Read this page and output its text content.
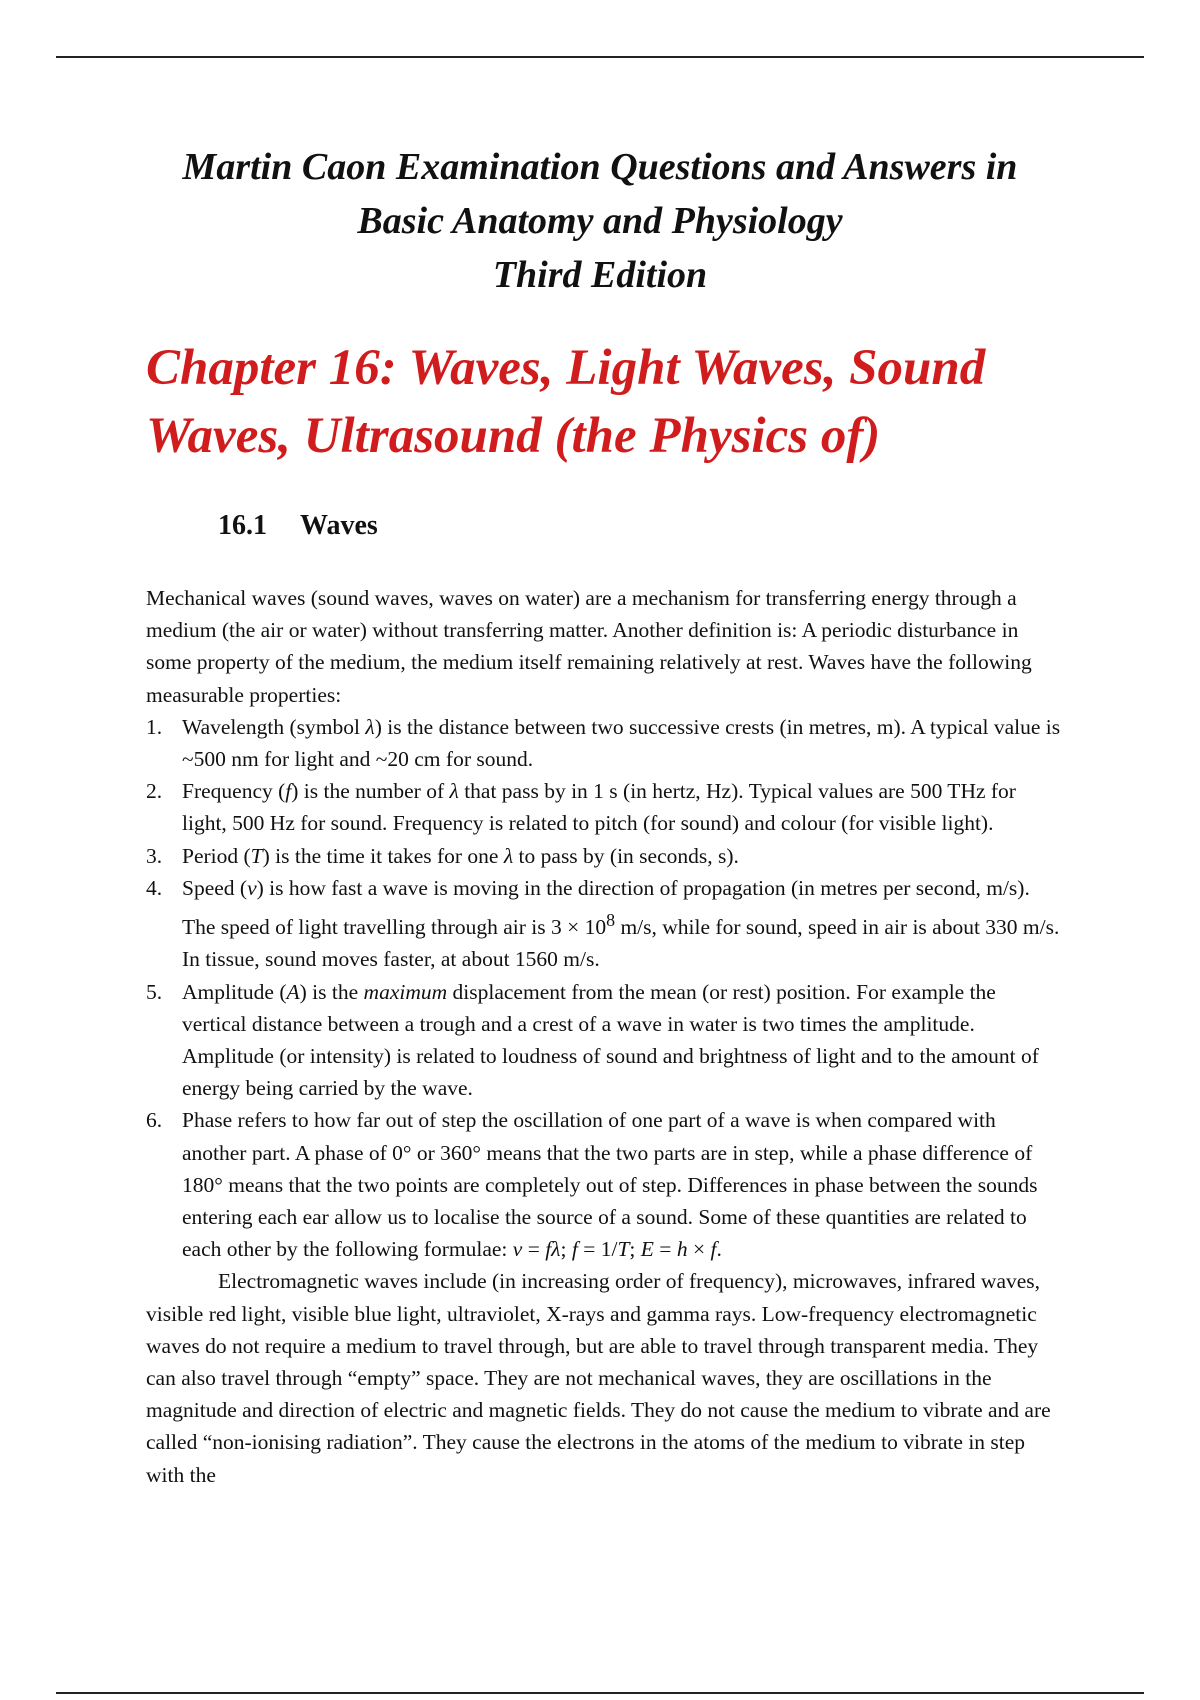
Martin Caon Examination Questions and Answers in
Basic Anatomy and Physiology
Third Edition
Chapter 16: Waves, Light Waves, Sound
Waves, Ultrasound (the Physics of)
16.1 Waves

Mechanical waves (sound waves, waves on water) are a mechanism for transferring energy through a medium (the air or water) without transferring matter. Another definition is: A periodic disturbance in some property of the medium, the medium itself remaining relatively at rest. Waves have the following measurable properties:

1. Wavelength (symbol λ) is the distance between two successive crests (in metres, m). A typical value is ~500 nm for light and ~20 cm for sound.
2. Frequency (f) is the number of λ that pass by in 1 s (in hertz, Hz). Typical values are 500 THz for light, 500 Hz for sound. Frequency is related to pitch (for sound) and colour (for visible light).
3. Period (T) is the time it takes for one λ to pass by (in seconds, s).
4. Speed (v) is how fast a wave is moving in the direction of propagation (in metres per second, m/s). The speed of light travelling through air is $3 \times 10^8$ m/s, while for sound, speed in air is about 330 m/s. In tissue, sound moves faster, at about 1560 m/s.
5. Amplitude (A) is the maximum displacement from the mean (or rest) position. For example the vertical distance between a trough and a crest of a wave in water is two times the amplitude. Amplitude (or intensity) is related to loudness of sound and brightness of light and to the amount of energy being carried by the wave.
6. Phase refers to how far out of step the oscillation of one part of a wave is when compared with another part. A phase of 0° or 360° means that the two parts are in step, while a phase difference of 180° means that the two points are completely out of step. Differences in phase between the sounds entering each ear allow us to localise the source of a sound. Some of these quantities are related to each other by the following formulae: v = fλ; f = 1/T; E = h × f.

Electromagnetic waves include (in increasing order of frequency), microwaves, infrared waves, visible red light, visible blue light, ultraviolet, X-rays and gamma rays. Low-frequency electromagnetic waves do not require a medium to travel through, but are able to travel through transparent media. They can also travel through “empty” space. They are not mechanical waves, they are oscillations in the magnitude and direction of electric and magnetic fields. They do not cause the medium to vibrate and are called “non-ionising radiation”. They cause the electrons in the atoms of the medium to vibrate in step with the
